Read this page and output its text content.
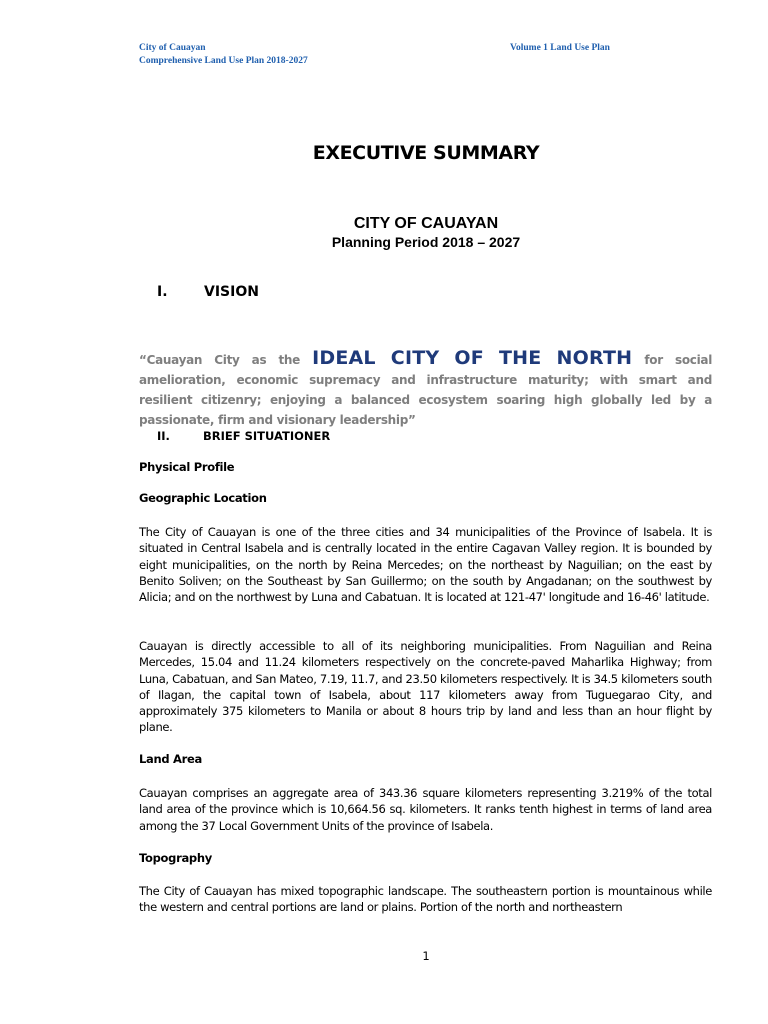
City of Cauayan
Comprehensive Land Use Plan 2018-2027
Volume 1 Land Use Plan
EXECUTIVE SUMMARY
CITY OF CAUAYAN
Planning Period 2018 – 2027
I.	VISION
“Cauayan City as the IDEAL CITY OF THE NORTH for social amelioration, economic supremacy and infrastructure maturity; with smart and resilient citizenry; enjoying a balanced ecosystem soaring high globally led by a passionate, firm and visionary leadership”
II.	BRIEF SITUATIONER
Physical Profile
Geographic Location

The City of Cauayan is one of the three cities and 34 municipalities of the Province of Isabela. It is situated in Central Isabela and is centrally located in the entire Cagavan Valley region. It is bounded by eight municipalities, on the north by Reina Mercedes; on the northeast by Naguilian; on the east by Benito Soliven; on the Southeast by San Guillermo; on the south by Angadanan; on the southwest by Alicia; and on the northwest by Luna and Cabatuan. It is located at 121-47' longitude and 16-46' latitude.

Cauayan is directly accessible to all of its neighboring municipalities. From Naguilian and Reina Mercedes, 15.04 and 11.24 kilometers respectively on the concrete-paved Maharlika Highway; from Luna, Cabatuan, and San Mateo, 7.19, 11.7, and 23.50 kilometers respectively. It is 34.5 kilometers south of Ilagan, the capital town of Isabela, about 117 kilometers away from Tuguegarao City, and approximately 375 kilometers to Manila or about 8 hours trip by land and less than an hour flight by plane.

Land Area

Cauayan comprises an aggregate area of 343.36 square kilometers representing 3.219% of the total land area of the province which is 10,664.56 sq. kilometers. It ranks tenth highest in terms of land area among the 37 Local Government Units of the province of Isabela.

Topography

The City of Cauayan has mixed topographic landscape. The southeastern portion is mountainous while the western and central portions are land or plains. Portion of the north and northeastern

1
